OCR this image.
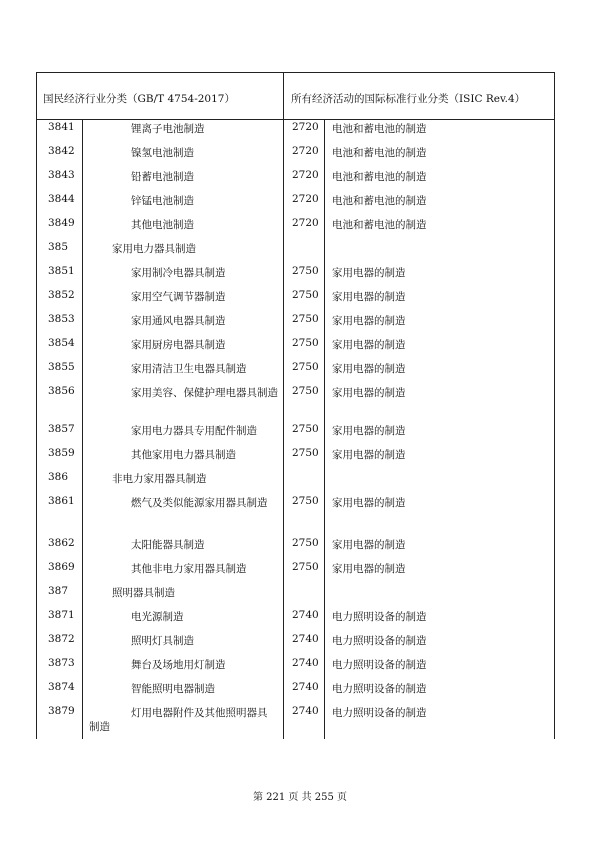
国民经济行业分类（GB/T 4754-2017）	所有经济活动的国际标准行业分类（ISIC Rev.4）
3841	锂离子电池制造	2720 电池和蓄电池的制造
3842	镍氢电池制造	2720 电池和蓄电池的制造
3843	铅蓄电池制造	2720 电池和蓄电池的制造
3844	锌锰电池制造	2720 电池和蓄电池的制造
3849	其他电池制造	2720 电池和蓄电池的制造
385	家用电力器具制造
3851	家用制冷电器具制造	2750 家用电器的制造
3852	家用空气调节器制造	2750 家用电器的制造
3853	家用通风电器具制造	2750 家用电器的制造
3854	家用厨房电器具制造	2750 家用电器的制造
3855	家用清洁卫生电器具制造	2750 家用电器的制造
3856	家用美容、保健护理电器具制造 2750 家用电器的制造
3857	家用电力器具专用配件制造	2750 家用电器的制造
3859	其他家用电力器具制造	2750 家用电器的制造
386	非电力家用器具制造
3861	燃气及类似能源家用器具制造 2750 家用电器的制造
3862	太阳能器具制造	2750 家用电器的制造
3869	其他非电力家用器具制造	2750 家用电器的制造
387	照明器具制造
3871	电光源制造	2740 电力照明设备的制造
3872	照明灯具制造	2740 电力照明设备的制造
3873	舞台及场地用灯制造	2740 电力照明设备的制造
3874	智能照明电器制造	2740 电力照明设备的制造
3879	灯用电器附件及其他照明器具 2740 电力照明设备的制造
制造
第 221 页 共 255 页
